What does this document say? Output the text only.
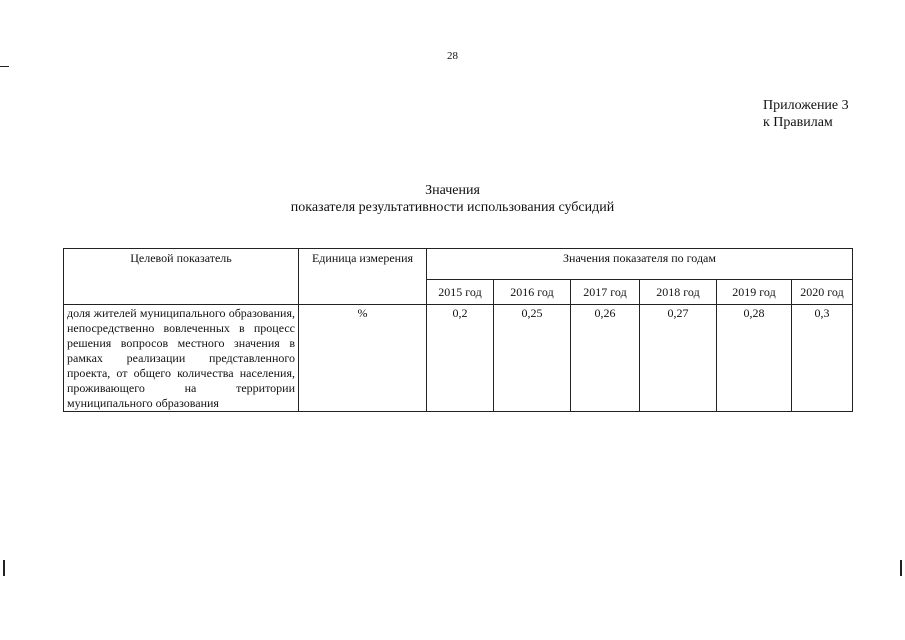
28
Приложение 3
к Правилам
Значения
показателя результативности использования субсидий
Целевой показатель	Единица измерения	Значения показателя по годам					
		2015 год	2016 год	2017 год	2018 год	2019 год	2020 год
доля жителей муниципального образования, непосредственно вовлеченных в процесс решения вопросов местного значения в рамках реализации представленного проекта, от общего количества населения, проживающего на территории муниципального образования	%	0,2	0,25	0,26	0,27	0,28	0,3
